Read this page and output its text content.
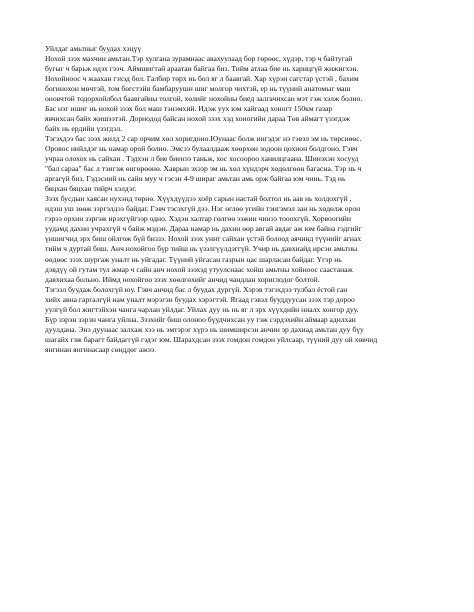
Уйлдаг амьтныг буудах хэцүү

Нохой зээх махчин амьтан.Тэр хулгана зурамнаас авахуулаад бор гөрөөс, хүдэр, тэр ч байтугай
бугыг ч барьж идэх гээч. Аймшигтай араатан байгаа биз. Тийм атлаа бие нь харицгүй жижигхэн.
Нохойноос ч жаахан гэхэд бол. Галбир төрх нь бол яг л баавгай. Хар хүрэн сагстар үстэй , бахим
богинохон мөчтэй, том бөгстэйн бамбаруушн шиг молгор чихтэй, ер нь түүний анатомыг маш
оновчтой тодорхойлбол баавгайны толгой, хөлийг нохойны биед залгачихсан мэт гэж хэлж болно.
Бас нэг ишиг нь нохой зээх бол маш тэнэмхий. Идэж уух юм хайгаад хоногт 150км газар
явчихсан байх жишээтэй. Дорнодод байсан нохой зээх хэд хоногийн дараа Төв аймагт үзэгдэж
байх нь ердийн үзэгдэл.
Тэгэхдээ бас зээх жилд 2 сар орчим хөл хоригдоно.Юунаас болж ингэдэг нэ гэвэл эм нь төрснөөс.
Оровос нийлдэг нь намар орой болно. Эмсээ булаалдааж хөөрхөн зодоон цохион болдгоно. Гэвч
учраа олохох нь сайхан . Тэдхэн л бие биенээ таньж, хос хосоороо ханилцгаана. Шинэхэн хосууд
"бал сараа" бас л тэнгэж өнгөрөөнө. Хаврын эхээр эм нь хөл хүндэрч хөдөлгөөн багасна. Тэр нь ч
аргагүй биз. Гэдэсний нь сайн муу ч гэсэн 4-9 шираг амьтан амь орж байгаа юм чинь. Тэд нь
бяцхан бяцхан тийрч хэлдэг.
Зээх бусдын хаясан нухэнд төрнө. Хүүхдүүдээ хоёр сарын настай болтол нь аав нь холдохгүй ,
идэш уш зөөж зэргэлдээ байдаг. Гэвч тэсэхгүй дээ. Нэг өглөө угийн тэнгэмэл зан нь хөдөлж орон
гэрээ орхин зэргэж ирэхгүйгээр одно. Хэдэн халтар гөлгөө ээжин чинээ тооохгүй. Хорвоогийн
уудамд дахин учрахгүй ч байж мэдэн. Дараа намар нь дахин өөр авгай авдаг аж юм байна гэдгийг
үншигчид эрх биш ойлгож бүй биззэ. Нохой зээх уннт сайхан үстэй болоод аячинд түүнийг агнах
тийм ч дуртай биш. Анч нохойгоо бүр тийш нь үзэлгүүлдэггүй. Учир нь давхиайд ирсэн амьтны
өөдөөс зээх шургаж уналт нь уйгадаг. Түүний уйгасан газрын цас шарласан байдаг. Үгэр нь
дэвдүү ой гутам тул жмар ч сайн анч нохой зээхэд утуулснаас хойш амьтны хойноос саастанаж
давхихаа больно. Иймд нохойгоо зээх хөөлгөхийг анчид чандлан хориглодог болтой.
Тэгээл буудаж болохгүй юу. Гэвч анчид бас л буудах дургүй. Хэрэв тэгэхдээ тулбал ёстой ган
хийх авна гаргалгүй нам уналт мэрэгэн буудах хэрэгтэй. Ягаад гэвэл бууддуусан зээх тэр дороо
уулгүй бол жигтэйхэн чанга чарлан уйлдаг. Уйлах дуу нь нь яг л эрх хүүхдийн ниалх хонгор дуу.
Бүр зэрэн зэрэн чанга уйлна. Зээхийг биш олоноо бүудчихсан уу гэж сэрдэхийн аймаар адилхан
дуулдана. Энэ дуунаас залхаж хээ нь эмтэрэг хүрэ нь шимширсэн анчин эр дахиад амьтан дуу бүу
шагайх гэж барагт байдаггүй гэдэг юм. Шарахдсан зээх гомдон гомдон уйлсаар, түүний дуу ой хөвчид
янгинан янгинасаар сөнддөг ажээ.
